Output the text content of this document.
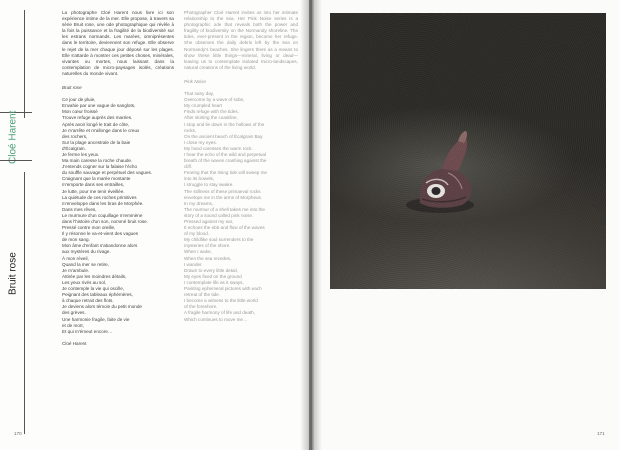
Cloé Harent
Bruit rose

La photographe Cloé Harent nous livre ici son expérience intime de la mer. Elle propose, à travers sa série Bruit rose, une ode photographique qui révèle à la fois la puissance et la fragilité de la biodiversité sur les estrans normands. Les marées, omniprésentes dans le territoire, deviennent son refuge. Elle observe le rejet de la mer chaque jour déposé sur les plages. Elle s'attarde à montrer ces petites choses, minérales, vivantes ou mortes, nous laissant dans la contemplation de micro-paysages isolés, créations naturelles du monde vivant.

Bruit rose
Ce jour de pluie,
Envahie par une vague de sanglots,
Mon cœur froissé
Trouve refuge auprès des marées.
Après avoir longé le trait de côte,
Je m'arrête et m'allonge dans le creux
des rochers,
Sur la plage ancestrale de la baie
d'Écalgrain.
Je ferme les yeux.
Ma main caresse la roche chaude.
J'entends cogner sur la falaise l'écho
du souffle sauvage et perpétuel des vagues.
Craignant que la marée montante
m'emporte dans ses entrailles,
Je lutte, pour me tenir éveillée.
La quiétude de ces roches primitives
m'enveloppe dans les bras de Morphée.
Dans mes rêves,
Le murmure d'un coquillage m'emmène
dans l'histoire d'un son, nommé bruit rose.
Pressé contre mon oreille,
Il y résonne le va-et-vient des vagues
de mon sang.
Mon âme d'enfant s'abandonne alors
aux mystères du rivage.
À mon réveil,
Quand la mer se retire,
Je m'ambule.
Attirée par les moindres détails,
Les yeux rivés au sol,
Je contemple la vie qui oscille,
Peignant des tableaux éphémères,
à chaque retrait des flots.
Je deviens alors témoin du petit monde
des grèves.
Une harmonie fragile, faite de vie
et de mort,
Et qui m'émeut encore…
Cloé Harent

Photographer Cloé Harent invites us into her intimate relationship to the sea. Her Pink Noise series is a photographic ode that reveals both the power and fragility of biodiversity on the Normandy shoreline. The tides, ever-present in the region, become her refuge. She observes the daily debris left by the sea on Normandy's beaches. She lingers there as a means to show these little things—mineral, living or dead—leaving us to contemplate isolated micro-landscapes, natural creations of the living world.

Pink Noise
That rainy day,
Overcome by a wave of sobs,
My crumpled heart
Finds refuge with the tides.
After skirting the coastline,
I stop and lie down in the hollows of the
rocks,
On the ancient beach of Écalgrain Bay.
I close my eyes.
My hand caresses the warm rock.
I hear the echo of the wild and perpetual
breath of the waves crashing against the
cliff.
Fearing that the rising tide will sweep me
into its bowels,
I struggle to stay awake.
The stillness of these primaeval rocks
envelops me in the arms of Morpheus.
In my dreams,
The murmur of a shell takes me into the
story of a sound called pink noise.
Pressed against my ear,
It echoes the ebb and flow of the waves
of my blood.
My childlike soul surrenders to the
mysteries of the shore.
When I wake,
When the sea recedes,
I wander.
Drawn to every little detail,
My eyes fixed on the ground
I contemplate life as it sways,
Painting ephemeral pictures with each
retreat of the tide.
I become a witness to the little world
of the foreshore.
A fragile harmony of life and death,
Which continues to move me…
170	171
